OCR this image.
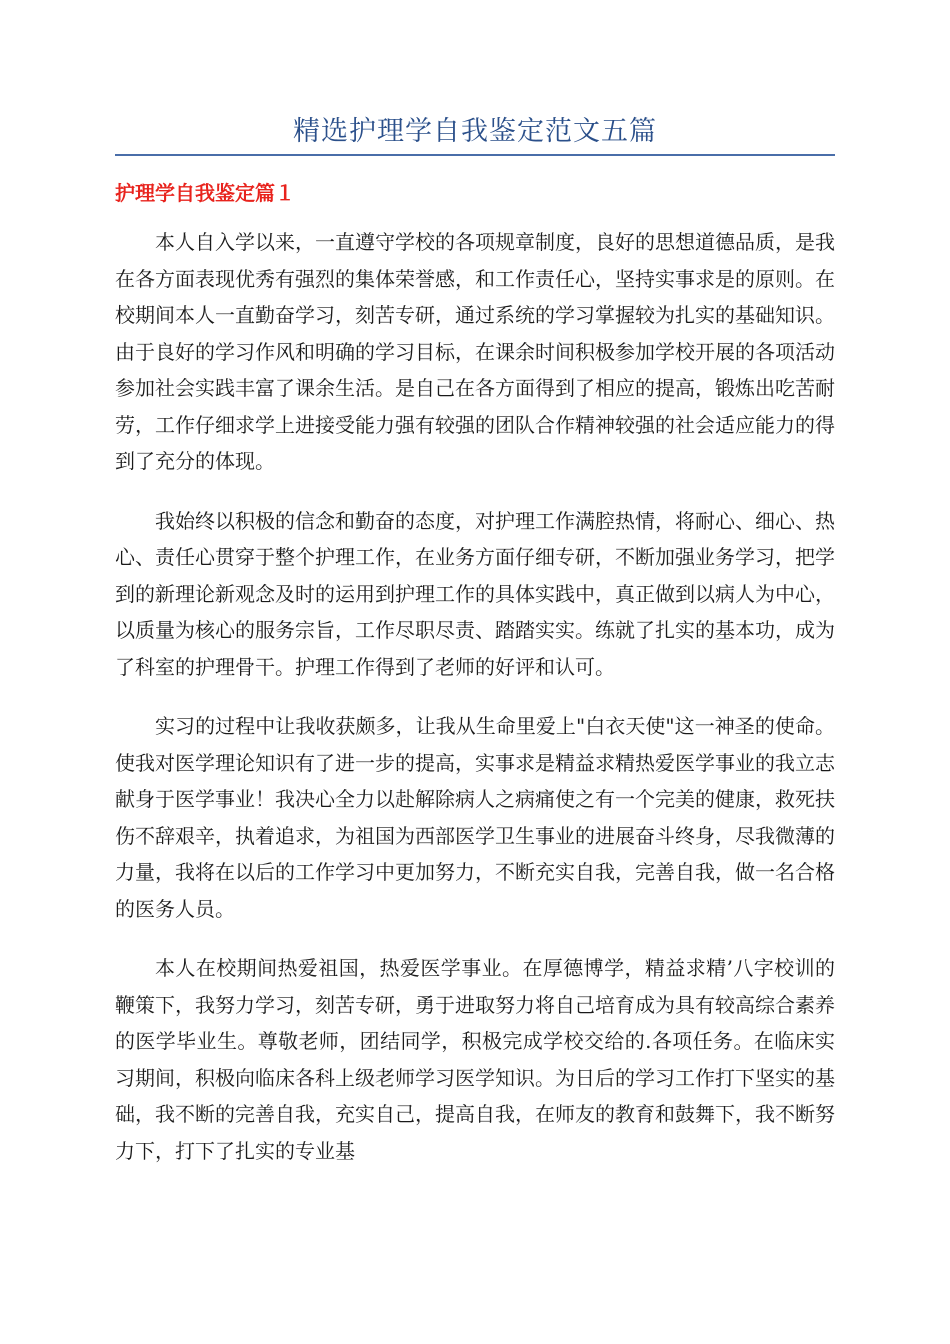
精选护理学自我鉴定范文五篇
护理学自我鉴定篇１

本人自入学以来，一直遵守学校的各项规章制度，良好的思想道德品质，是我在各方面表现优秀有强烈的集体荣誉感，和工作责任心，坚持实事求是的原则。在校期间本人一直勤奋学习，刻苦专研，通过系统的学习掌握较为扎实的基础知识。由于良好的学习作风和明确的学习目标，在课余时间积极参加学校开展的各项活动参加社会实践丰富了课余生活。是自己在各方面得到了相应的提高，锻炼出吃苦耐劳，工作仔细求学上进接受能力强有较强的团队合作精神较强的社会适应能力的得到了充分的体现。

我始终以积极的信念和勤奋的态度，对护理工作满腔热情，将耐心、细心、热心、责任心贯穿于整个护理工作，在业务方面仔细专研，不断加强业务学习，把学到的新理论新观念及时的运用到护理工作的具体实践中，真正做到以病人为中心，以质量为核心的服务宗旨，工作尽职尽责、踏踏实实。练就了扎实的基本功，成为了科室的护理骨干。护理工作得到了老师的好评和认可。

实习的过程中让我收获颇多，让我从生命里爱上"白衣天使"这一神圣的使命。使我对医学理论知识有了进一步的提高，实事求是精益求精热爱医学事业的我立志献身于医学事业！我决心全力以赴解除病人之病痛使之有一个完美的健康，救死扶伤不辞艰辛，执着追求，为祖国为西部医学卫生事业的进展奋斗终身，尽我微薄的力量，我将在以后的工作学习中更加努力，不断充实自我，完善自我，做一名合格的医务人员。

本人在校期间热爱祖国，热爱医学事业。在厚德博学，精益求精’八字校训的鞭策下，我努力学习，刻苦专研，勇于进取努力将自己培育成为具有较高综合素养的医学毕业生。尊敬老师，团结同学，积极完成学校交给的.各项任务。在临床实习期间，积极向临床各科上级老师学习医学知识。为日后的学习工作打下坚实的基础，我不断的完善自我，充实自己，提高自我，在师友的教育和鼓舞下，我不断努力下，打下了扎实的专业基
